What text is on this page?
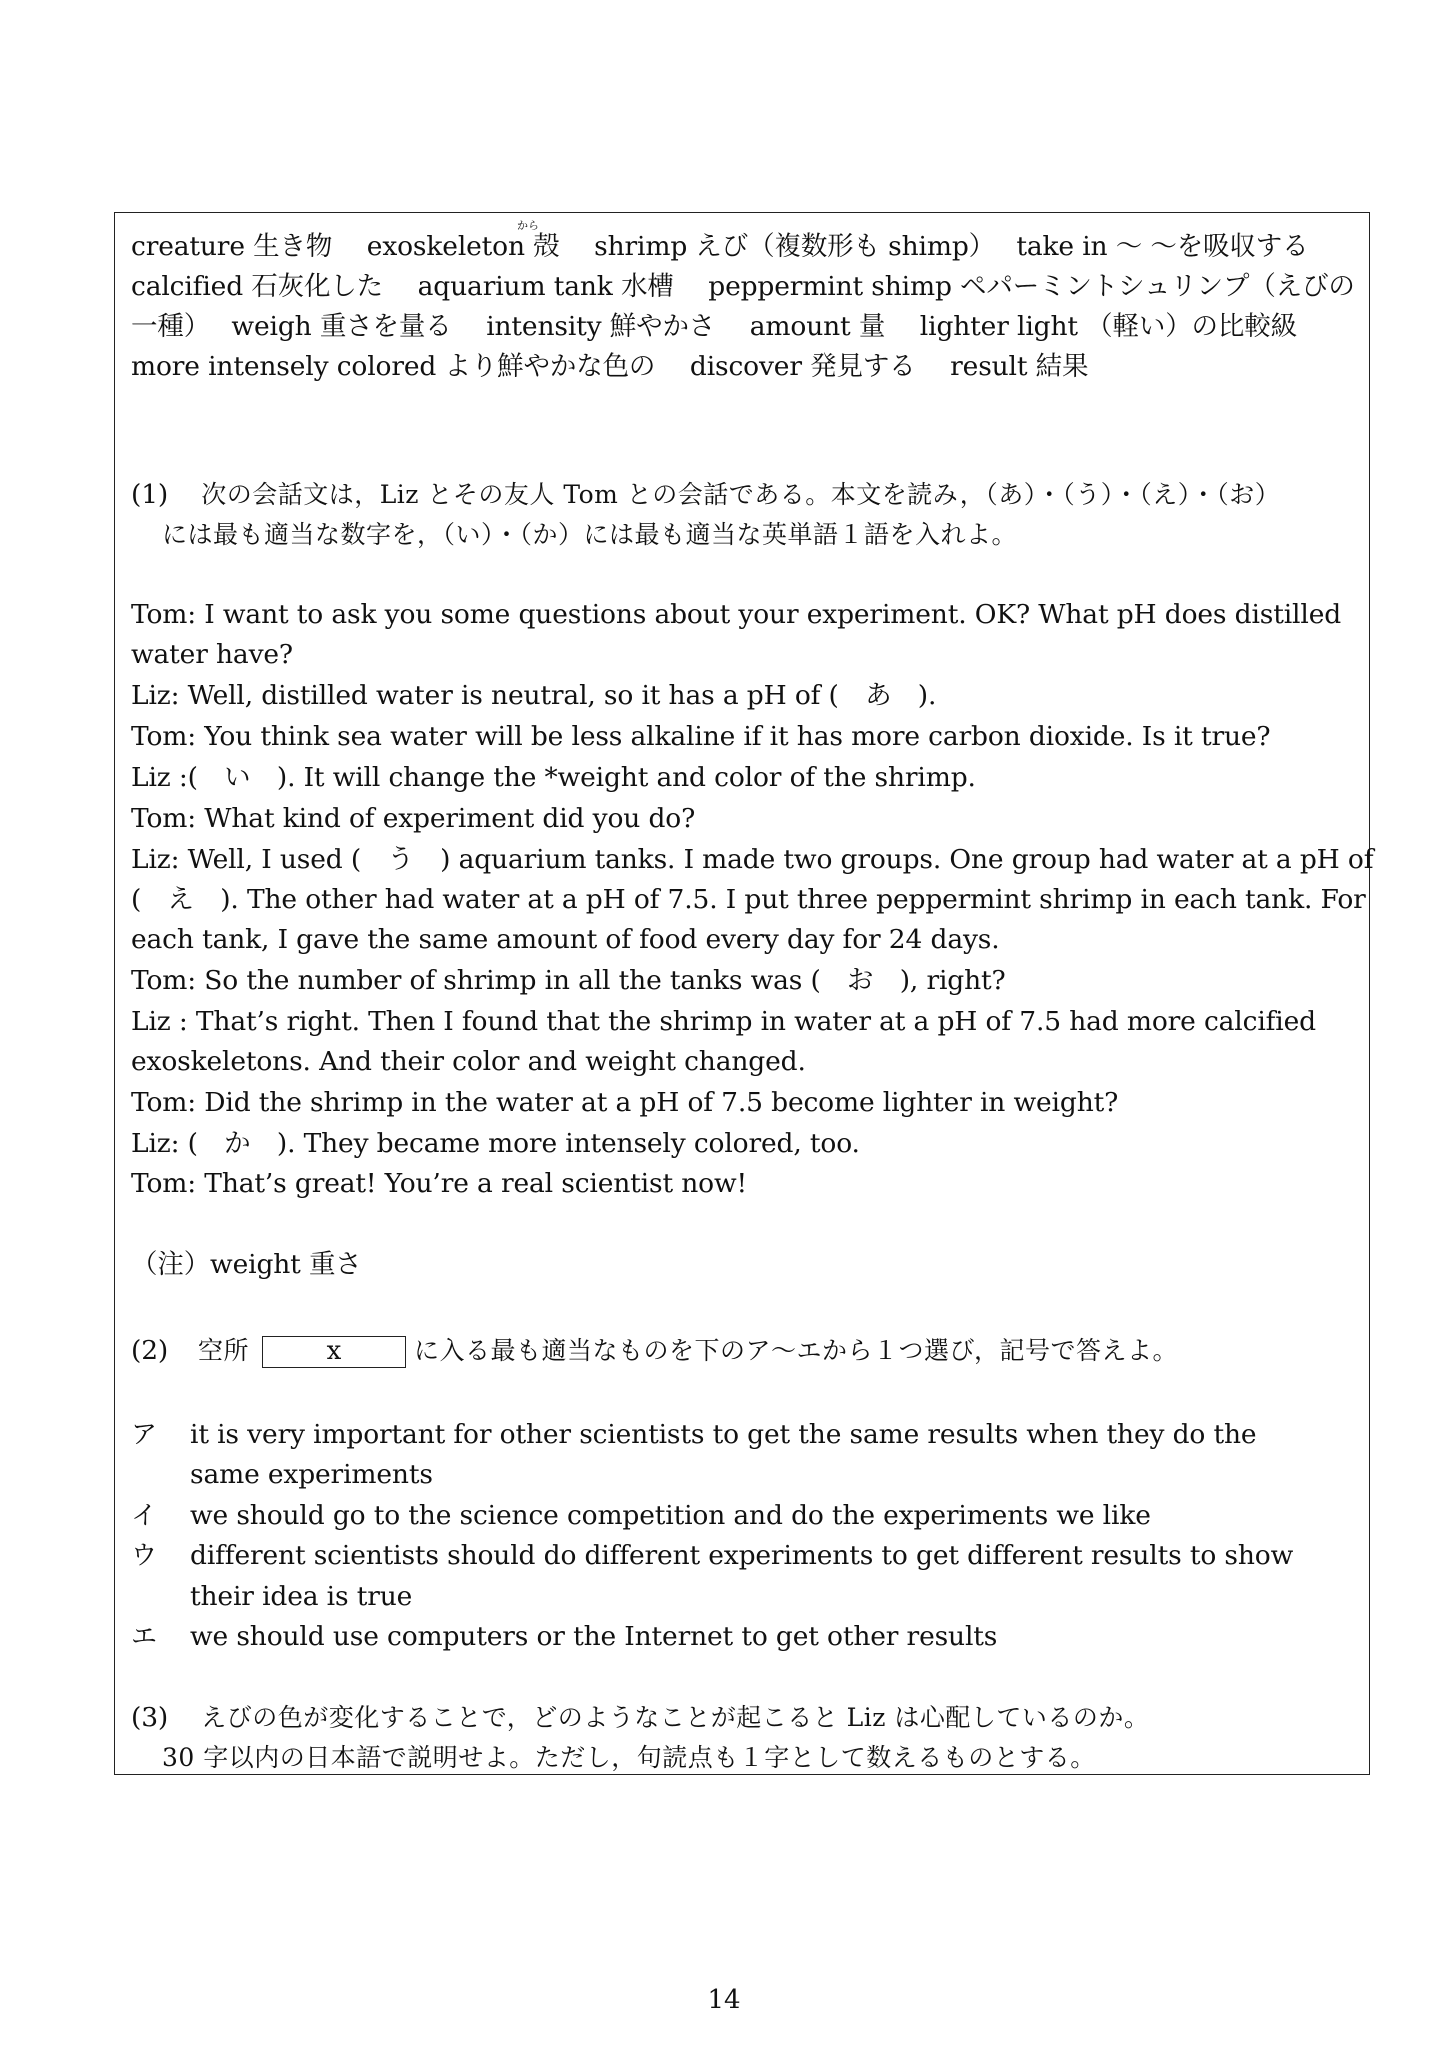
から
creature 生き物　 exoskeleton 殻　 shrimp えび（複数形も shimp）　 take in ～ ～を吸収する
calcified 石灰化した　 aquarium tank 水槽　 peppermint shimp ペパーミントシュリンプ（えびの
一種）　 weigh 重さを量る　 intensity 鮮やかさ　 amount 量　 lighter light （軽い）の比較級
more intensely colored より鮮やかな色の　 discover 発見する　 result 結果
(1) 次の会話文は，Liz とその友人 Tom との会話である。本文を読み，（あ）・（う）・（え）・（お）
には最も適当な数字を，（い）・（か）には最も適当な英単語１語を入れよ。
Tom: I want to ask you some questions about your experiment. OK? What pH does distilled
water have?
Liz: Well, distilled water is neutral, so it has a pH of (　あ　).
Tom: You think sea water will be less alkaline if it has more carbon dioxide. Is it true?
Liz :(　い　). It will change the *weight and color of the shrimp.
Tom: What kind of experiment did you do?
Liz: Well, I used (　う　) aquarium tanks. I made two groups. One group had water at a pH of
(　え　). The other had water at a pH of 7.5. I put three peppermint shrimp in each tank. For
each tank, I gave the same amount of food every day for 24 days.
Tom: So the number of shrimp in all the tanks was (　お　), right?
Liz : That’s right. Then I found that the shrimp in water at a pH of 7.5 had more calcified
exoskeletons. And their color and weight changed.
Tom: Did the shrimp in the water at a pH of 7.5 become lighter in weight?
Liz: (　か　). They became more intensely colored, too.
Tom: That’s great! You’re a real scientist now!
（注）weight 重さ
(2) 空所	x	に入る最も適当なものを下のア～エから１つ選び，記号で答えよ。
ア it is very important for other scientists to get the same results when they do the
same experiments
イ we should go to the science competition and do the experiments we like
ウ different scientists should do different experiments to get different results to show
their idea is true
エ we should use computers or the Internet to get other results
(3) えびの色が変化することで，どのようなことが起こると Liz は心配しているのか。
30 字以内の日本語で説明せよ。ただし，句読点も１字として数えるものとする。
14
